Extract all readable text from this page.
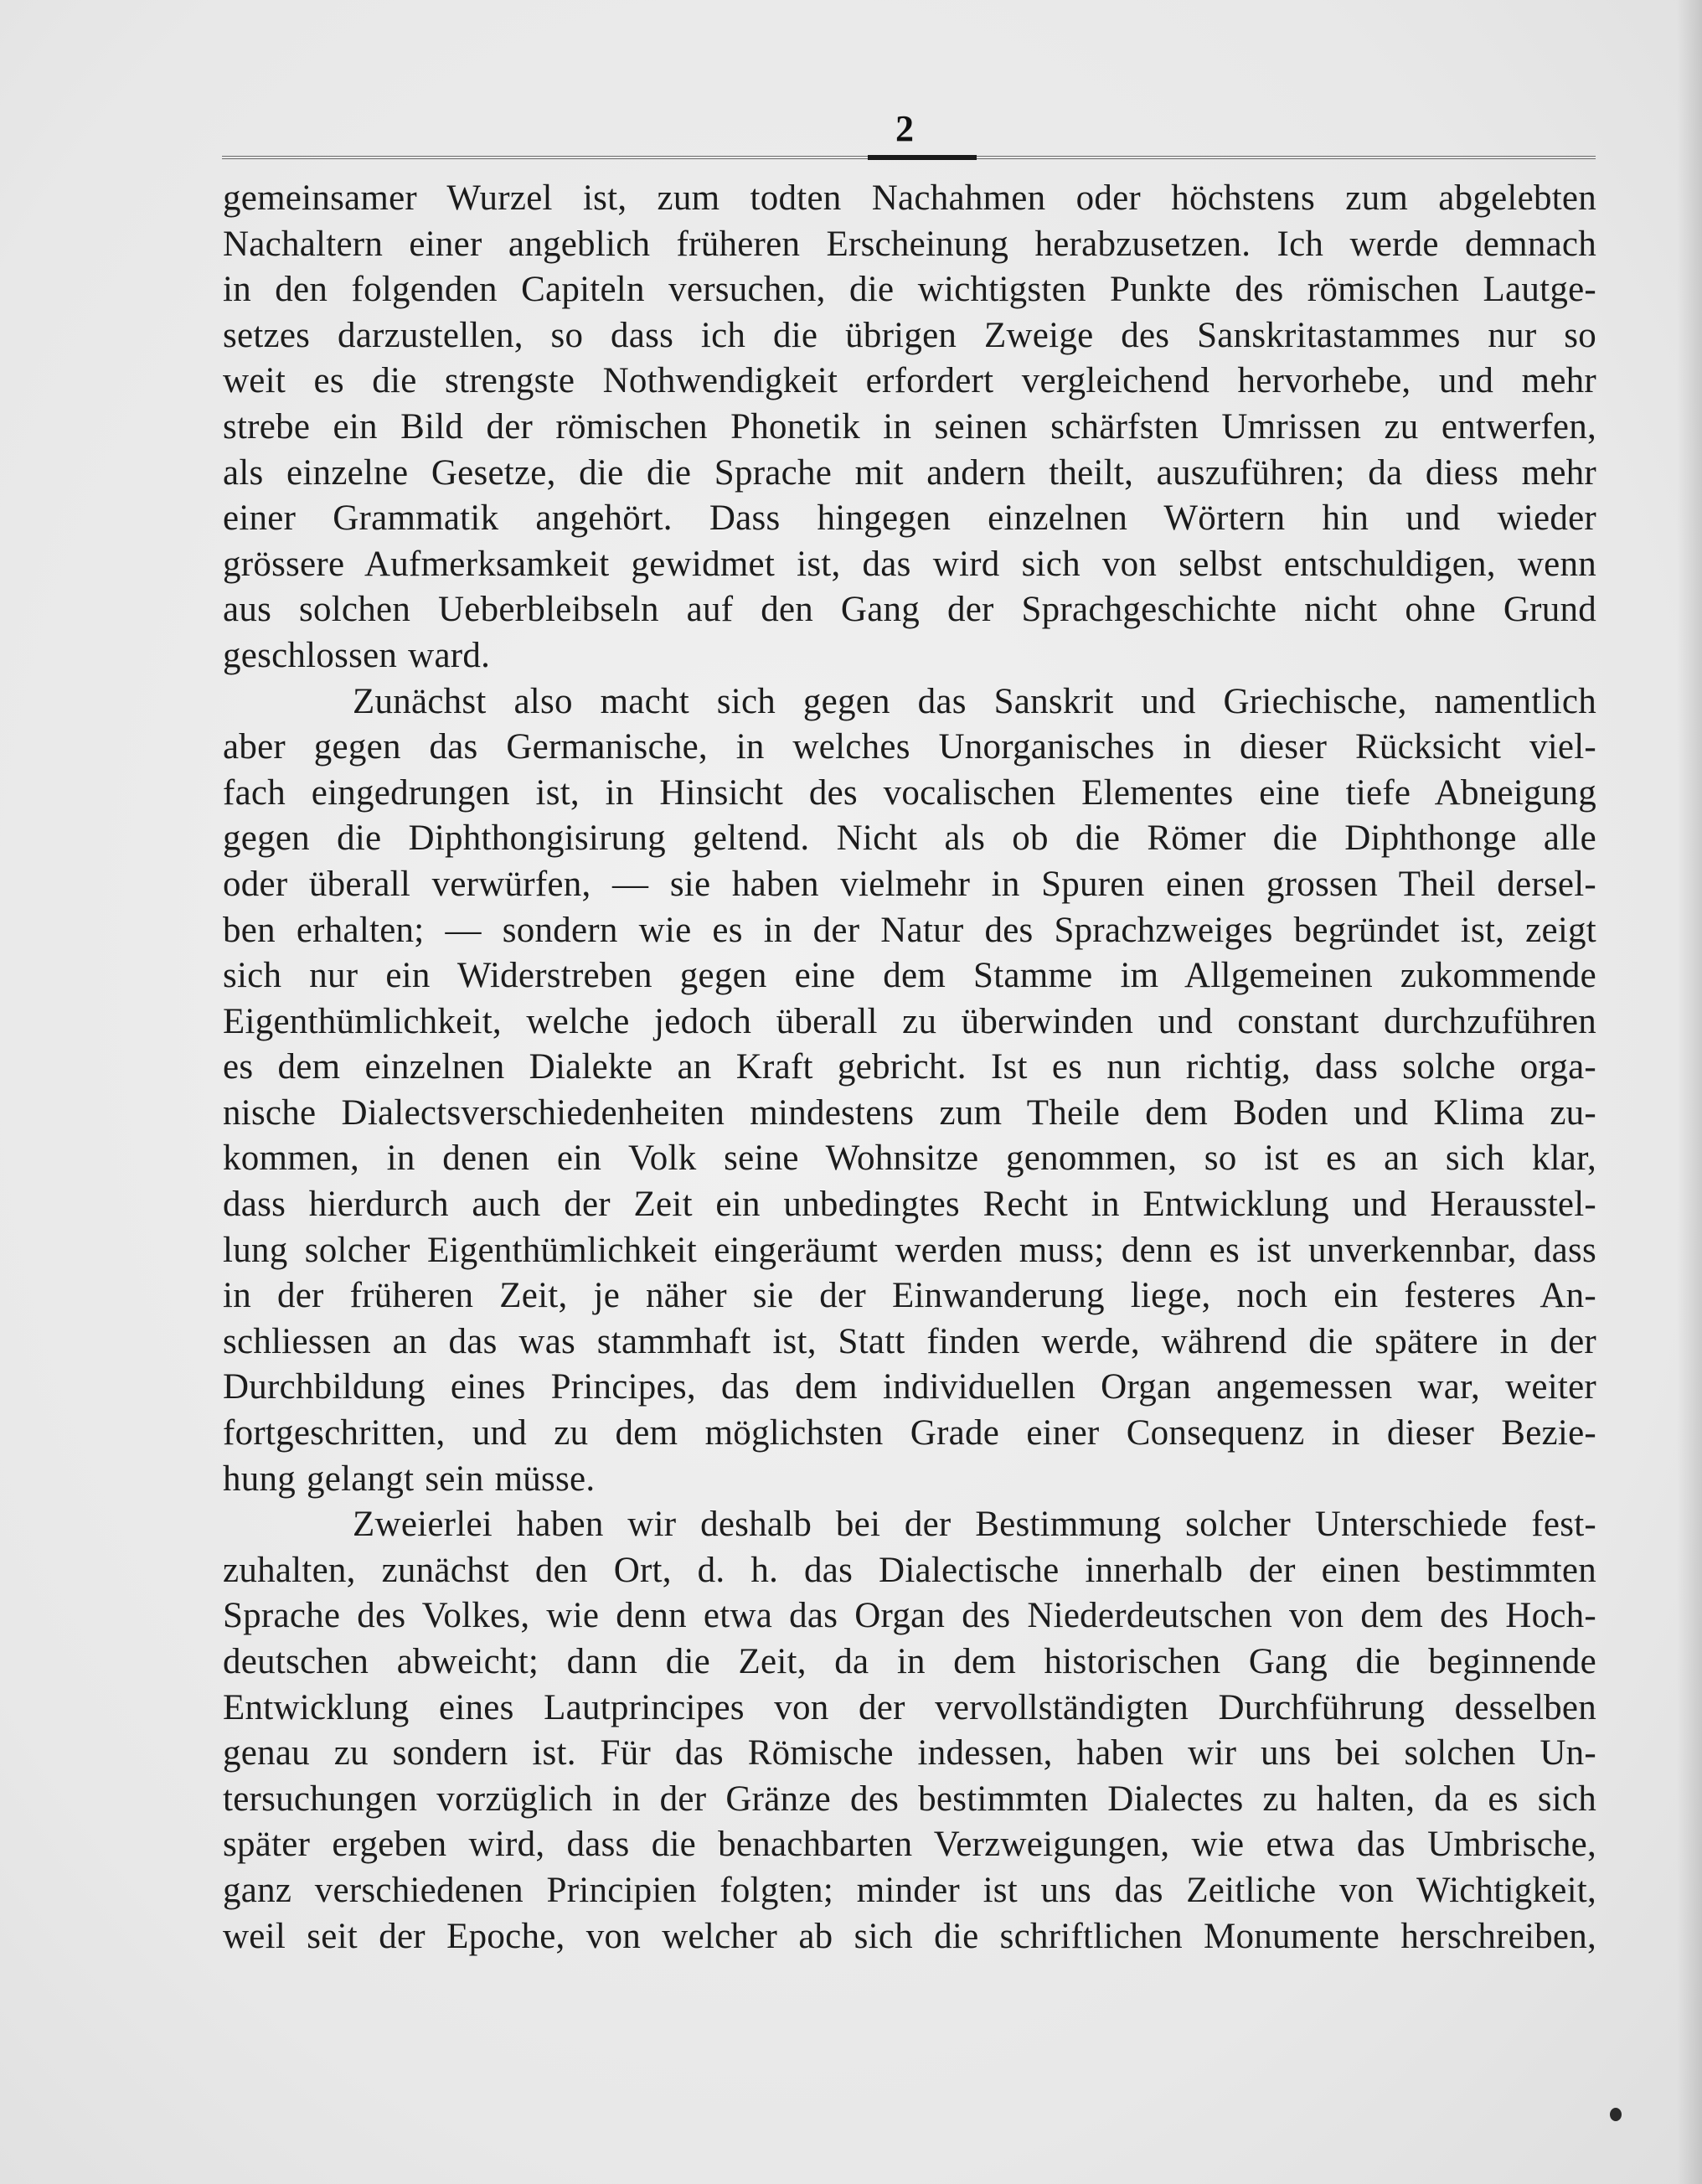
2
gemeinsamer Wurzel ist, zum todten Nachahmen oder höchstens zum abgelebten
Nachaltern einer angeblich früheren Erscheinung herabzusetzen. Ich werde demnach
in den folgenden Capiteln versuchen, die wichtigsten Punkte des römischen Lautge-
setzes darzustellen, so dass ich die übrigen Zweige des Sanskritastammes nur so
weit es die strengste Nothwendigkeit erfordert vergleichend hervorhebe, und mehr
strebe ein Bild der römischen Phonetik in seinen schärfsten Umrissen zu entwerfen,
als einzelne Gesetze, die die Sprache mit andern theilt, auszuführen; da diess mehr
einer Grammatik angehört. Dass hingegen einzelnen Wörtern hin und wieder
grössere Aufmerksamkeit gewidmet ist, das wird sich von selbst entschuldigen, wenn
aus solchen Ueberbleibseln auf den Gang der Sprachgeschichte nicht ohne Grund
geschlossen ward.
Zunächst also macht sich gegen das Sanskrit und Griechische, namentlich
aber gegen das Germanische, in welches Unorganisches in dieser Rücksicht viel-
fach eingedrungen ist, in Hinsicht des vocalischen Elementes eine tiefe Abneigung
gegen die Diphthongisirung geltend. Nicht als ob die Römer die Diphthonge alle
oder überall verwürfen, — sie haben vielmehr in Spuren einen grossen Theil dersel-
ben erhalten; — sondern wie es in der Natur des Sprachzweiges begründet ist, zeigt
sich nur ein Widerstreben gegen eine dem Stamme im Allgemeinen zukommende
Eigenthümlichkeit, welche jedoch überall zu überwinden und constant durchzuführen
es dem einzelnen Dialekte an Kraft gebricht. Ist es nun richtig, dass solche orga-
nische Dialectsverschiedenheiten mindestens zum Theile dem Boden und Klima zu-
kommen, in denen ein Volk seine Wohnsitze genommen, so ist es an sich klar,
dass hierdurch auch der Zeit ein unbedingtes Recht in Entwicklung und Herausstel-
lung solcher Eigenthümlichkeit eingeräumt werden muss; denn es ist unverkennbar, dass
in der früheren Zeit, je näher sie der Einwanderung liege, noch ein festeres An-
schliessen an das was stammhaft ist, Statt finden werde, während die spätere in der
Durchbildung eines Principes, das dem individuellen Organ angemessen war, weiter
fortgeschritten, und zu dem möglichsten Grade einer Consequenz in dieser Bezie-
hung gelangt sein müsse.
Zweierlei haben wir deshalb bei der Bestimmung solcher Unterschiede fest-
zuhalten, zunächst den Ort, d. h. das Dialectische innerhalb der einen bestimmten
Sprache des Volkes, wie denn etwa das Organ des Niederdeutschen von dem des Hoch-
deutschen abweicht; dann die Zeit, da in dem historischen Gang die beginnende
Entwicklung eines Lautprincipes von der vervollständigten Durchführung desselben
genau zu sondern ist. Für das Römische indessen, haben wir uns bei solchen Un-
tersuchungen vorzüglich in der Gränze des bestimmten Dialectes zu halten, da es sich
später ergeben wird, dass die benachbarten Verzweigungen, wie etwa das Umbrische,
ganz verschiedenen Principien folgten; minder ist uns das Zeitliche von Wichtigkeit,
weil seit der Epoche, von welcher ab sich die schriftlichen Monumente herschreiben,
